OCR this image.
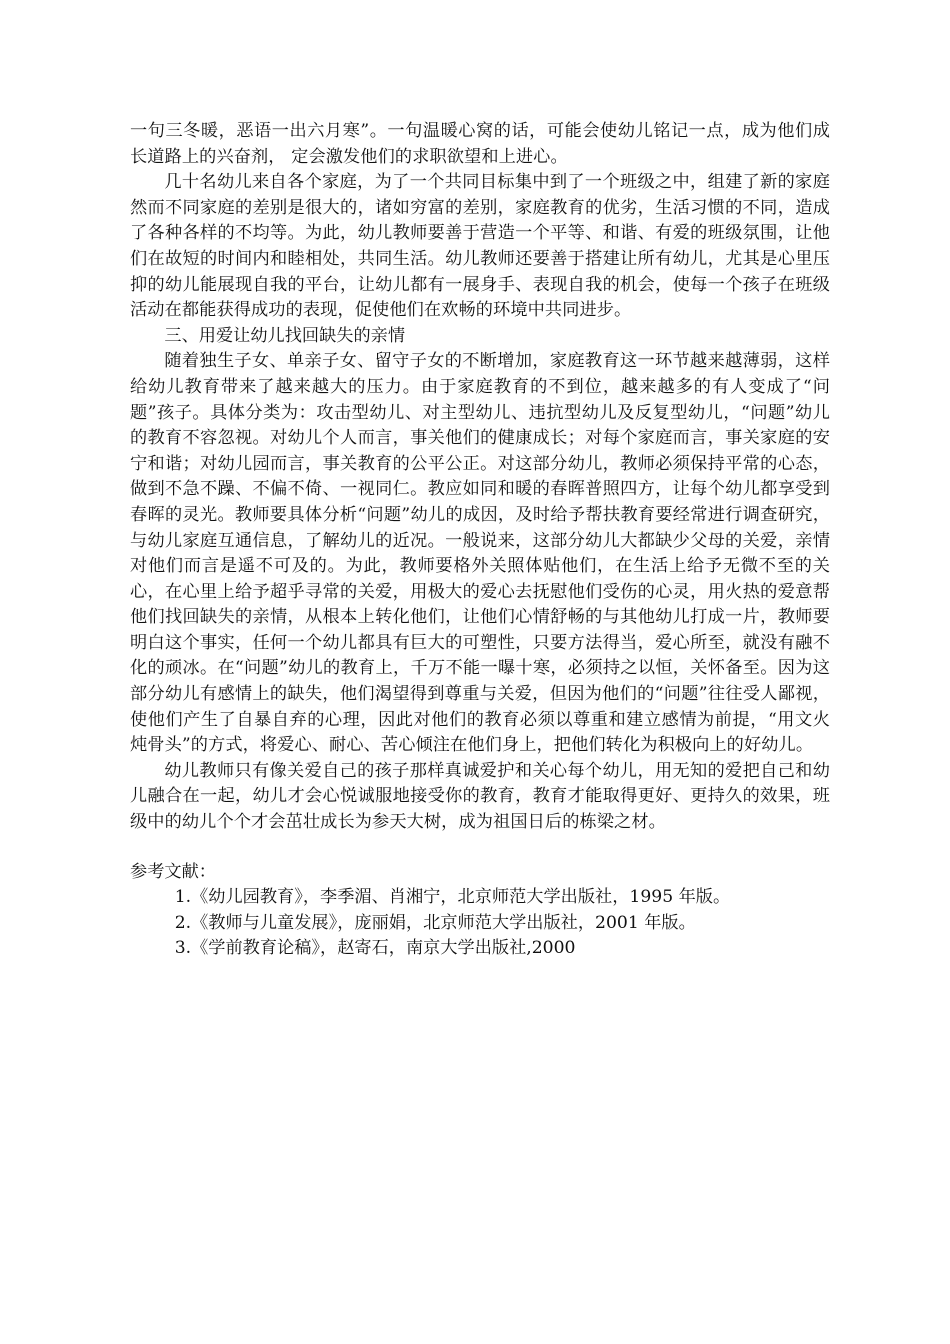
一句三冬暖，恶语一出六月寒”。一句温暖心窝的话，可能会使幼儿铭记一点，成为他们成长道路上的兴奋剂， 定会激发他们的求职欲望和上进心。

几十名幼儿来自各个家庭，为了一个共同目标集中到了一个班级之中，组建了新的家庭然而不同家庭的差别是很大的，诸如穷富的差别，家庭教育的优劣，生活习惯的不同，造成了各种各样的不均等。为此，幼儿教师要善于营造一个平等、和谐、有爱的班级氛围，让他们在故短的时间内和睦相处，共同生活。幼儿教师还要善于搭建让所有幼儿，尤其是心里压抑的幼儿能展现自我的平台，让幼儿都有一展身手、表现自我的机会，使每一个孩子在班级活动在都能获得成功的表现，促使他们在欢畅的环境中共同进步。

三、用爱让幼儿找回缺失的亲情

随着独生子女、单亲子女、留守子女的不断增加，家庭教育这一环节越来越薄弱，这样给幼儿教育带来了越来越大的压力。由于家庭教育的不到位，越来越多的有人变成了“问题”孩子。具体分类为：攻击型幼儿、对主型幼儿、违抗型幼儿及反复型幼儿，“问题”幼儿的教育不容忽视。对幼儿个人而言，事关他们的健康成长；对每个家庭而言，事关家庭的安宁和谐；对幼儿园而言，事关教育的公平公正。对这部分幼儿，教师必须保持平常的心态，做到不急不躁、不偏不倚、一视同仁。教应如同和暖的春晖普照四方，让每个幼儿都享受到春晖的灵光。教师要具体分析“问题”幼儿的成因，及时给予帮扶教育要经常进行调查研究，与幼儿家庭互通信息，了解幼儿的近况。一般说来，这部分幼儿大都缺少父母的关爱，亲情对他们而言是遥不可及的。为此，教师要格外关照体贴他们，在生活上给予无微不至的关心，在心里上给予超乎寻常的关爱，用极大的爱心去抚慰他们受伤的心灵，用火热的爱意帮他们找回缺失的亲情，从根本上转化他们，让他们心情舒畅的与其他幼儿打成一片，教师要明白这个事实，任何一个幼儿都具有巨大的可塑性，只要方法得当，爱心所至，就没有融不化的顽冰。在“问题”幼儿的教育上，千万不能一曝十寒，必须持之以恒，关怀备至。因为这部分幼儿有感情上的缺失，他们渴望得到尊重与关爱，但因为他们的“问题”往往受人鄙视，使他们产生了自暴自弃的心理，因此对他们的教育必须以尊重和建立感情为前提，“用文火炖骨头”的方式，将爱心、耐心、苦心倾注在他们身上，把他们转化为积极向上的好幼儿。

幼儿教师只有像关爱自己的孩子那样真诚爱护和关心每个幼儿，用无知的爱把自己和幼儿融合在一起，幼儿才会心悦诚服地接受你的教育，教育才能取得更好、更持久的效果，班级中的幼儿个个才会茁壮成长为参天大树，成为祖国日后的栋梁之材。

参考文献：

1.《幼儿园教育》，李季湄、肖湘宁，北京师范大学出版社，1995 年版。
2.《教师与儿童发展》，庞丽娟，北京师范大学出版社，2001 年版。
3.《学前教育论稿》，赵寄石，南京大学出版社,2000
